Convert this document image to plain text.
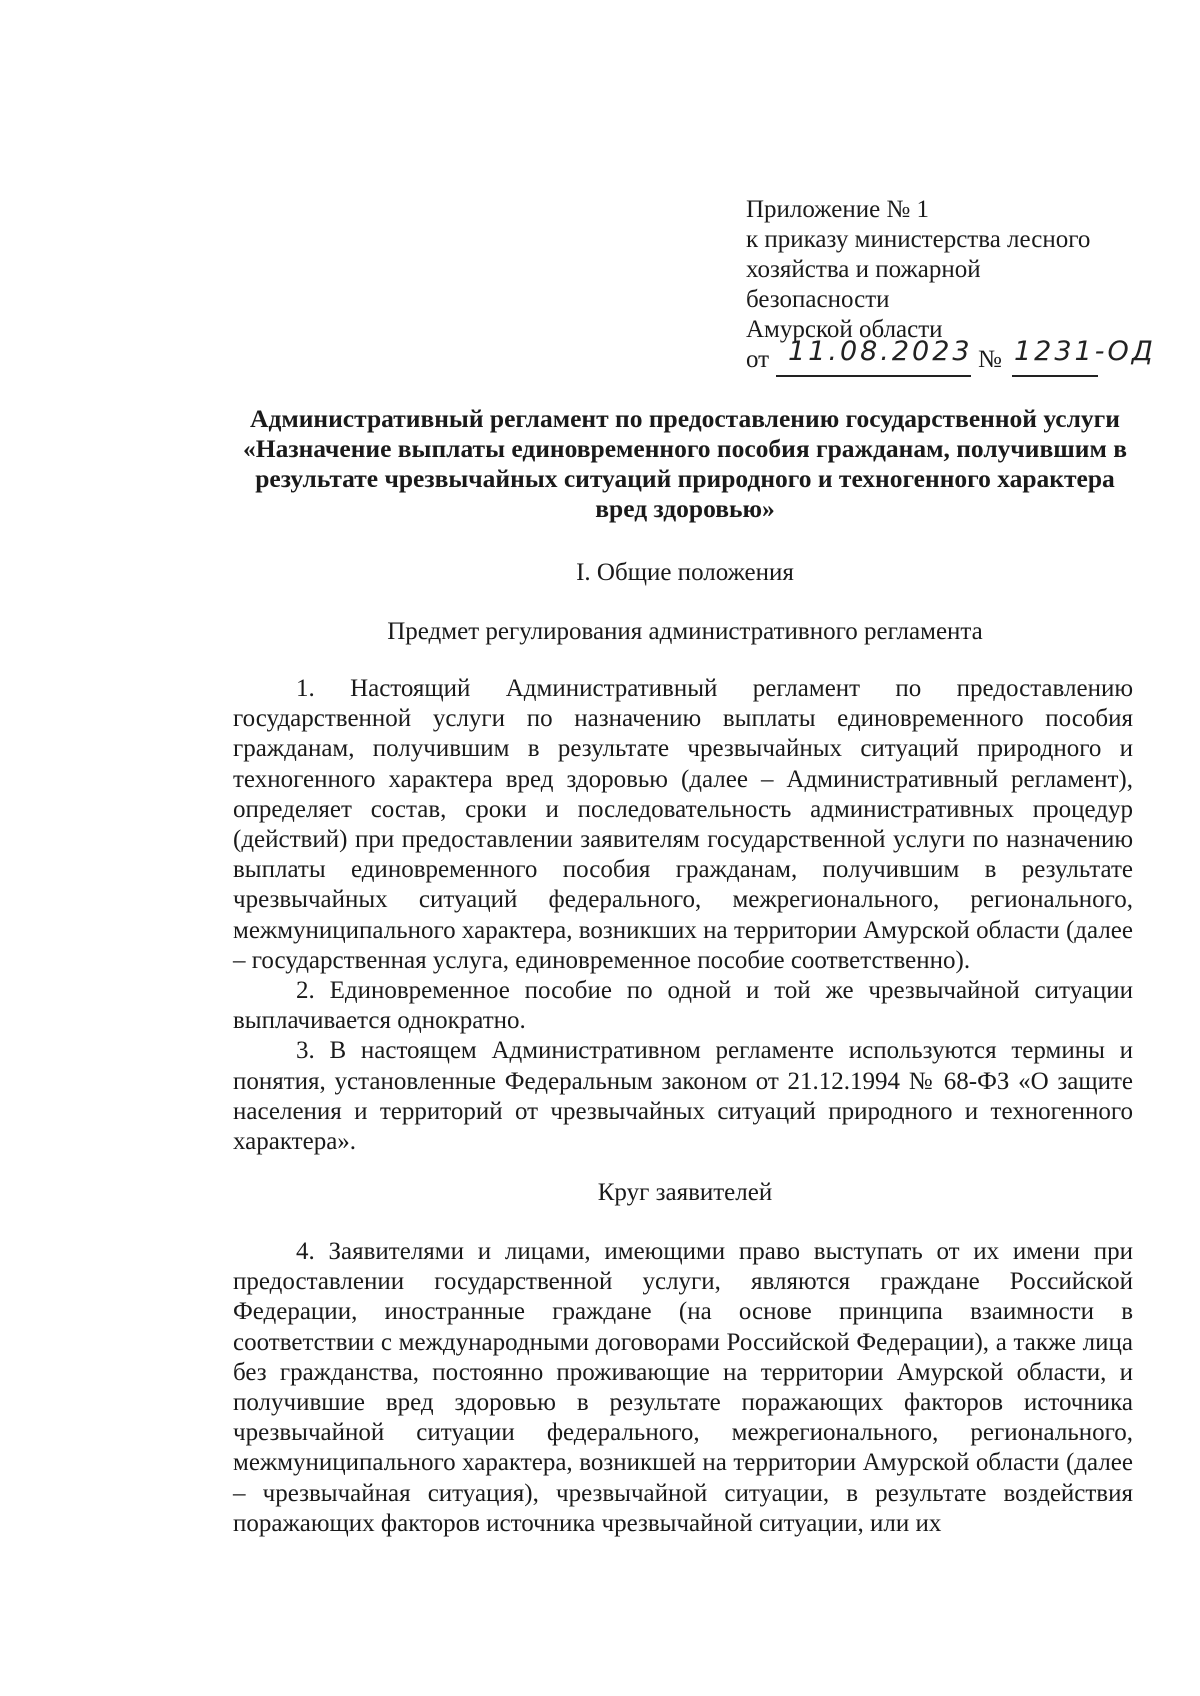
Приложение № 1
к приказу министерства лесного
хозяйства и пожарной
безопасности
Амурской области
от 11.08.2023 № 1231-ОД
Административный регламент по предоставлению государственной услуги «Назначение выплаты единовременного пособия гражданам, получившим в результате чрезвычайных ситуаций природного и техногенного характера вред здоровью»
I. Общие положения
Предмет регулирования административного регламента

1. Настоящий Административный регламент по предоставлению государственной услуги по назначению выплаты единовременного пособия гражданам, получившим в результате чрезвычайных ситуаций природного и техногенного характера вред здоровью (далее – Административный регламент), определяет состав, сроки и последовательность административных процедур (действий) при предоставлении заявителям государственной услуги по назначению выплаты единовременного пособия гражданам, получившим в результате чрезвычайных ситуаций федерального, межрегионального, регионального, межмуниципального характера, возникших на территории Амурской области (далее – государственная услуга, единовременное пособие соответственно).

2. Единовременное пособие по одной и той же чрезвычайной ситуации выплачивается однократно.

3. В настоящем Административном регламенте используются термины и понятия, установленные Федеральным законом от 21.12.1994 № 68-ФЗ «О защите населения и территорий от чрезвычайных ситуаций природного и техногенного характера».

Круг заявителей

4. Заявителями и лицами, имеющими право выступать от их имени при предоставлении государственной услуги, являются граждане Российской Федерации, иностранные граждане (на основе принципа взаимности в соответствии с международными договорами Российской Федерации), а также лица без гражданства, постоянно проживающие на территории Амурской области, и получившие вред здоровью в результате поражающих факторов источника чрезвычайной ситуации федерального, межрегионального, регионального, межмуниципального характера, возникшей на территории Амурской области (далее – чрезвычайная ситуация), чрезвычайной ситуации, в результате воздействия поражающих факторов источника чрезвычайной ситуации, или их
